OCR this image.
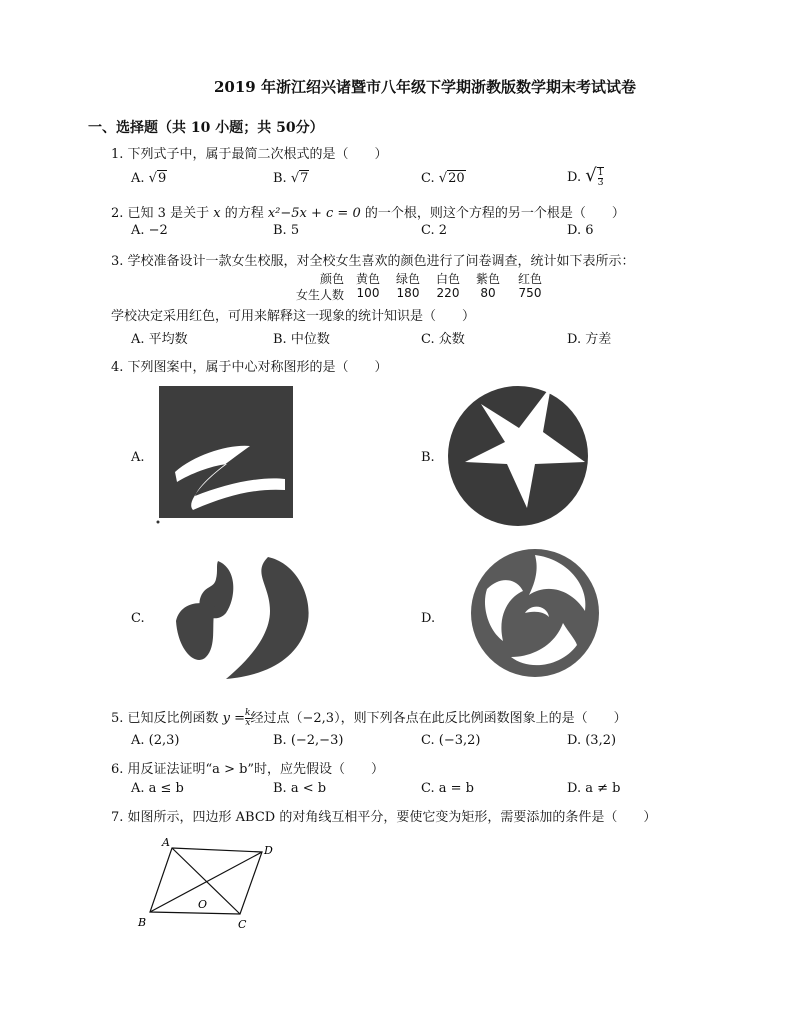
2019 年浙江绍兴诸暨市八年级下学期浙教版数学期末考试试卷
一、选择题（共 10 小题；共 50分）
1. 下列式子中，属于最简二次根式的是（　　）
A. √9	B. √7	C. √20	D. √ $\frac{1}{3}$
2. 已知 3 是关于 x 的方程 x²−5x + c = 0 的一个根，则这个方程的另一个根是（　　）
A. −2	B. 5	C. 2	D. 6
3. 学校准备设计一款女生校服，对全校女生喜欢的颜色进行了问卷调查，统计如下表所示：
颜色 黄色	绿色	白色	紫色	红色
女生人数	100	180	220	80	750
学校决定采用红色，可用来解释这一现象的统计知识是（　　）
A. 平均数	B. 中位数	C. 众数	D. 方差
4. 下列图案中，属于中心对称图形的是（　　）
A.	B.
C.	D.
5. 已知反比例函数 $y = \frac{k}{x}$ 经过点（−2,3），则下列各点在此反比例函数图象上的是（　　）
A. (2,3)	B. (−2,−3)	C. (−3,2)	D. (3,2)
6. 用反证法证明“a > b”时，应先假设（　　）
A. a ≤ b	B. a < b	C. a = b	D. a ≠ b
7. 如图所示，四边形 ABCD 的对角线互相平分，要使它变为矩形，需要添加的条件是（　　）
A
D
B	C
O
